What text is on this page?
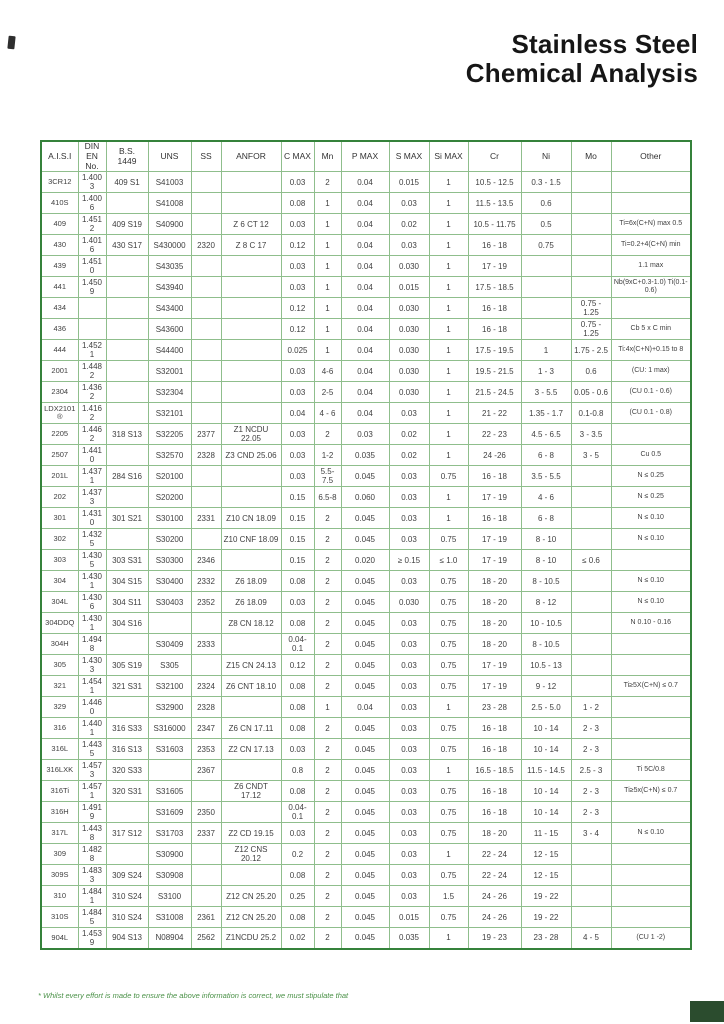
Stainless Steel
Chemical Analysis
A.I.S.I	DIN EN No.	B.S. 1449	UNS	SS	ANFOR	C MAX	Mn	P MAX	S MAX	Si MAX	Cr	Ni	Mo	Other
3CR12	1.4003	409 S1	S41003			0.03	2	0.04	0.015	1	10.5 - 12.5	0.3 - 1.5		
410S	1.4006		S41008			0.08	1	0.04	0.03	1	11.5 - 13.5	0.6		
409	1.4512	409 S19	S40900		Z 6 CT 12	0.03	1	0.04	0.02	1	10.5 - 11.75	0.5		Ti=6x(C+N) max 0.5
430	1.4016	430 S17	S430000	2320	Z 8 C 17	0.12	1	0.04	0.03	1	16 - 18	0.75		Ti=0.2+4(C+N) min
439	1.4510		S43035			0.03	1	0.04	0.030	1	17 - 19			1.1 max
441	1.4509		S43940			0.03	1	0.04	0.015	1	17.5 - 18.5			Nb(9xC+0.3-1.0) Ti(0.1-0.6)
434			S43400			0.12	1	0.04	0.030	1	16 - 18		0.75 - 1.25	
436			S43600			0.12	1	0.04	0.030	1	16 - 18		0.75 - 1.25	Cb 5 x C min
444	1.4521		S44400			0.025	1	0.04	0.030	1	17.5 - 19.5	1	1.75 - 2.5	Ti:4x(C+N)+0.15 to 8
2001	1.4482		S32001			0.03	4-6	0.04	0.030	1	19.5 - 21.5	1 - 3	0.6	(CU: 1 max)
2304	1.4362		S32304			0.03	2-5	0.04	0.030	1	21.5 - 24.5	3 - 5.5	0.05 - 0.6	(CU 0.1 - 0.6)
LDX2101®	1.4162		S32101			0.04	4 - 6	0.04	0.03	1	21 - 22	1.35 - 1.7	0.1-0.8	(CU 0.1 - 0.8)
2205	1.4462	318 S13	S32205	2377	Z1 NCDU 22.05	0.03	2	0.03	0.02	1	22 - 23	4.5 - 6.5	3 - 3.5	
2507	1.4410		S32570	2328	Z3 CND 25.06	0.03	1-2	0.035	0.02	1	24 -26	6 - 8	3 - 5	Cu 0.5
201L	1.4371	284 S16	S20100			0.03	5.5-7.5	0.045	0.03	0.75	16 - 18	3.5 - 5.5		N ≤ 0.25
202	1.4373		S20200			0.15	6.5-8	0.060	0.03	1	17 - 19	4 - 6		N ≤ 0.25
301	1.4310	301 S21	S30100	2331	Z10 CN 18.09	0.15	2	0.045	0.03	1	16 - 18	6 - 8		N ≤ 0.10
302	1.4325		S30200		Z10 CNF 18.09	0.15	2	0.045	0.03	0.75	17 - 19	8 - 10		N ≤ 0.10
303	1.4305	303 S31	S30300	2346		0.15	2	0.020	≥ 0.15	≤ 1.0	17 - 19	8 - 10	≤ 0.6	
304	1.4301	304 S15	S30400	2332	Z6 18.09	0.08	2	0.045	0.03	0.75	18 - 20	8 - 10.5		N ≤ 0.10
304L	1.4306	304 S11	S30403	2352	Z6 18.09	0.03	2	0.045	0.030	0.75	18 - 20	8 - 12		N ≤ 0.10
304DDQ	1.4301	304 S16			Z8 CN 18.12	0.08	2	0.045	0.03	0.75	18 - 20	10 - 10.5		N 0.10 - 0.16
304H	1.4948		S30409	2333		0.04-0.1	2	0.045	0.03	0.75	18 - 20	8 - 10.5		
305	1.4303	305 S19	S305		Z15 CN 24.13	0.12	2	0.045	0.03	0.75	17 - 19	10.5 - 13		
321	1.4541	321 S31	S32100	2324	Z6 CNT 18.10	0.08	2	0.045	0.03	0.75	17 - 19	9 - 12		Ti≥5X(C+N) ≤ 0.7
329	1.4460		S32900	2328		0.08	1	0.04	0.03	1	23 - 28	2.5 - 5.0	1 - 2	
316	1.4401	316 S33	S316000	2347	Z6 CN 17.11	0.08	2	0.045	0.03	0.75	16 - 18	10 - 14	2 - 3	
316L	1.4435	316 S13	S31603	2353	Z2 CN 17.13	0.03	2	0.045	0.03	0.75	16 - 18	10 - 14	2 - 3	
316LXK	1.4573	320 S33		2367		0.8	2	0.045	0.03	1	16.5 - 18.5	11.5 - 14.5	2.5 - 3	Ti 5C/0.8
316Ti	1.4571	320 S31	S31605		Z6 CNDT 17.12	0.08	2	0.045	0.03	0.75	16 - 18	10 - 14	2 - 3	Ti≥5x(C+N) ≤ 0.7
316H	1.4919		S31609	2350		0.04-0.1	2	0.045	0.03	0.75	16 - 18	10 - 14	2 - 3	
317L	1.4438	317 S12	S31703	2337	Z2 CD 19.15	0.03	2	0.045	0.03	0.75	18 - 20	11 - 15	3 - 4	N ≤ 0.10
309	1.4828		S30900		Z12 CNS 20.12	0.2	2	0.045	0.03	1	22 - 24	12 - 15		
309S	1.4833	309 S24	S30908			0.08	2	0.045	0.03	0.75	22 - 24	12 - 15		
310	1.4841	310 S24	S3100		Z12 CN 25.20	0.25	2	0.045	0.03	1.5	24 - 26	19 - 22		
310S	1.4845	310 S24	S31008	2361	Z12 CN 25.20	0.08	2	0.045	0.015	0.75	24 - 26	19 - 22		
904L	1.4539	904 S13	N08904	2562	Z1NCDU 25.2	0.02	2	0.045	0.035	1	19 - 23	23 - 28	4 - 5	(CU 1 -2)
* Whilst every effort is made to ensure the above information is correct, we must stipulate that
